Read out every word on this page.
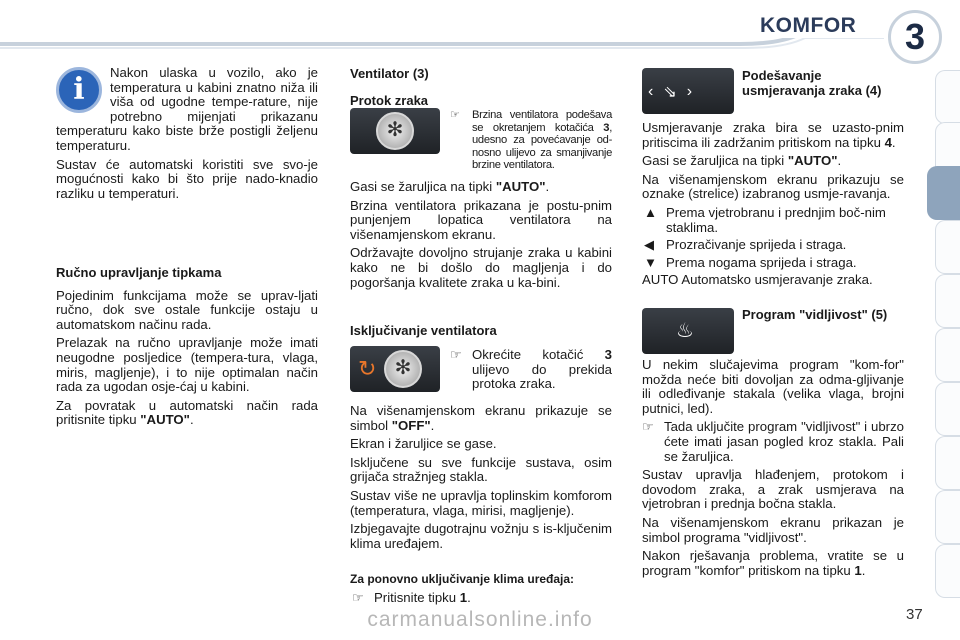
KOMFOR	3
i	Nakon ulaska u vozilo, ako je temperatura u kabini znatno niža ili viša od ugodne tempe-rature, nije potrebno mijenjati prikazanu temperaturu kako biste brže postigli željenu temperaturu.

Sustav će automatski koristiti sve svo-je mogućnosti kako bi što prije nado-knadio razliku u temperaturi.

Ručno upravljanje tipkama

Pojedinim funkcijama može se uprav-ljati ručno, dok sve ostale funkcije ostaju u automatskom načinu rada.

Prelazak na ručno upravljanje može imati neugodne posljedice (tempera-tura, vlaga, miris, magljenje), i to nije optimalan način rada za ugodan osje-ćaj u kabini.

Za povratak u automatski način rada pritisnite tipku "AUTO".

Ventilator (3)
Protok zraka
✻
☞	Brzina ventilatora podešava se okretanjem kotačića 3, udesno za povećavanje od-nosno ulijevo za smanjivanje brzine ventilatora.

Gasi se žaruljica na tipki "AUTO".

Brzina ventilatora prikazana je postu-pnim punjenjem lopatica ventilatora na višenamjenskom ekranu.

Održavajte dovoljno strujanje zraka u kabini kako ne bi došlo do magljenja i do pogoršanja kvalitete zraka u ka-bini.

Isključivanje ventilatora
↻ ✻
☞ Okrećite kotačić 3 ulijevo do prekida protoka zraka.

Na višenamjenskom ekranu prikazuje se simbol "OFF".

Ekran i žaruljice se gase.

Isključene su sve funkcije sustava, osim grijača stražnjeg stakla.

Sustav više ne upravlja toplinskim komforom (temperatura, vlaga, mirisi, magljenje).

Izbjegavajte dugotrajnu vožnju s is-ključenim klima uređajem.

Za ponovno uključivanje klima uređaja:
☞ Pritisnite tipku 1.
‹ ⇘ ›
Podešavanje usmjeravanja zraka (4)

Usmjeravanje zraka bira se uzasto-pnim pritiscima ili zadržanim pritiskom na tipku 4.

Gasi se žaruljica na tipki "AUTO".

Na višenamjenskom ekranu prikazuju se oznake (strelice) izabranog usmje-ravanja.

▲ Prema vjetrobranu i prednjim boč-nim staklima.
◀ Prozračivanje sprijeda i straga.
▼ Prema nogama sprijeda i straga.

AUTO Automatsko usmjeravanje zraka.

♨
Program "vidljivost" (5)

U nekim slučajevima program "kom-for" možda neće biti dovoljan za odma-gljivanje ili odleđivanje stakala (velika vlaga, brojni putnici, led).

☞ Tada uključite program "vidljivost" i ubrzo ćete imati jasan pogled kroz stakla. Pali se žaruljica.

Sustav upravlja hlađenjem, protokom i dovodom zraka, a zrak usmjerava na vjetrobran i prednja bočna stakla.

Na višenamjenskom ekranu prikazan je simbol programa "vidljivost".

Nakon rješavanja problema, vratite se u program "komfor" pritiskom na tipku 1.

carmanualsonline.info	37
